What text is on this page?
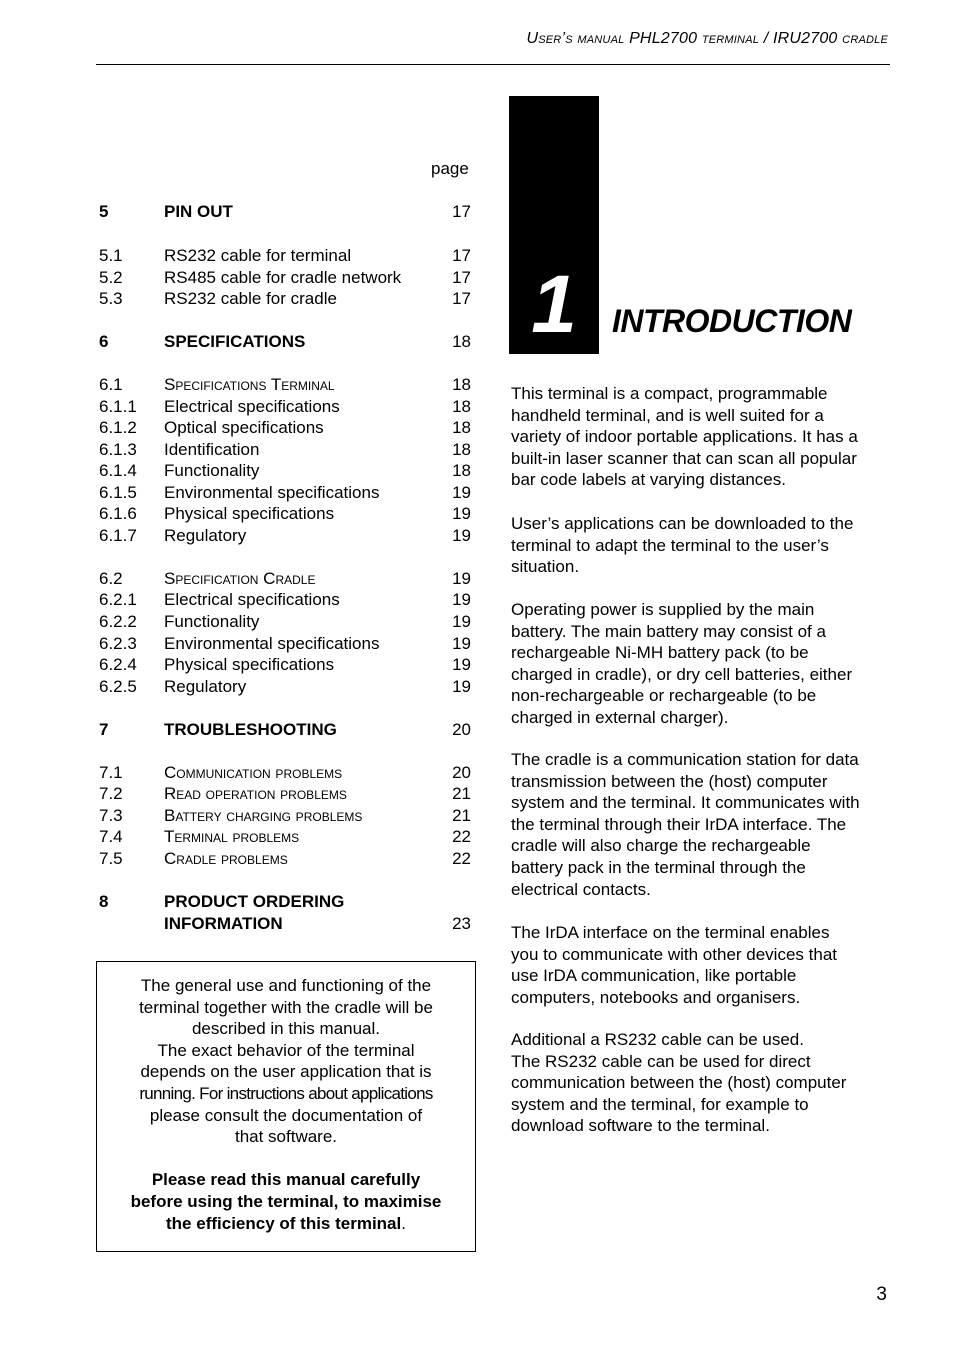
User’s manual PHL2700 terminal / IRU2700 cradle
page
5	PIN OUT	17
5.1 RS232 cable for terminal	17
5.2 RS485 cable for cradle network	17
5.3 RS232 cable for cradle	17
6	SPECIFICATIONS	18
6.1 Specifications Terminal	18
6.1.1 Electrical specifications	18
6.1.2 Optical specifications	18
6.1.3 Identification	18
6.1.4 Functionality	18
6.1.5 Environmental specifications	19
6.1.6 Physical specifications	19
6.1.7 Regulatory	19
6.2 Specification Cradle	19
6.2.1 Electrical specifications	19
6.2.2 Functionality	19
6.2.3 Environmental specifications	19
6.2.4 Physical specifications	19
6.2.5 Regulatory	19
7	TROUBLESHOOTING	20
7.1 Communication problems	20
7.2 Read operation problems	21
7.3 Battery charging problems	21
7.4 Terminal problems	22
7.5 Cradle problems	22
8	PRODUCT ORDERING
INFORMATION	23
The general use and functioning of the
terminal together with the cradle will be
described in this manual.
The exact behavior of the terminal
depends on the user application that is
running. For instructions about applications
please consult the documentation of
that software.
Please read this manual carefully
before using the terminal, to maximise
the efficiency of this terminal.
1	INTRODUCTION
This terminal is a compact, programmable
handheld terminal, and is well suited for a
variety of indoor portable applications. It has a
built-in laser scanner that can scan all popular
bar code labels at varying distances.
User’s applications can be downloaded to the
terminal to adapt the terminal to the user’s
situation.
Operating power is supplied by the main
battery. The main battery may consist of a
rechargeable Ni-MH battery pack (to be
charged in cradle), or dry cell batteries, either
non-rechargeable or rechargeable (to be
charged in external charger).
The cradle is a communication station for data
transmission between the (host) computer
system and the terminal. It communicates with
the terminal through their IrDA interface. The
cradle will also charge the rechargeable
battery pack in the terminal through the
electrical contacts.
The IrDA interface on the terminal enables
you to communicate with other devices that
use IrDA communication, like portable
computers, notebooks and organisers.
Additional a RS232 cable can be used.
The RS232 cable can be used for direct
communication between the (host) computer
system and the terminal, for example to
download software to the terminal.
3
